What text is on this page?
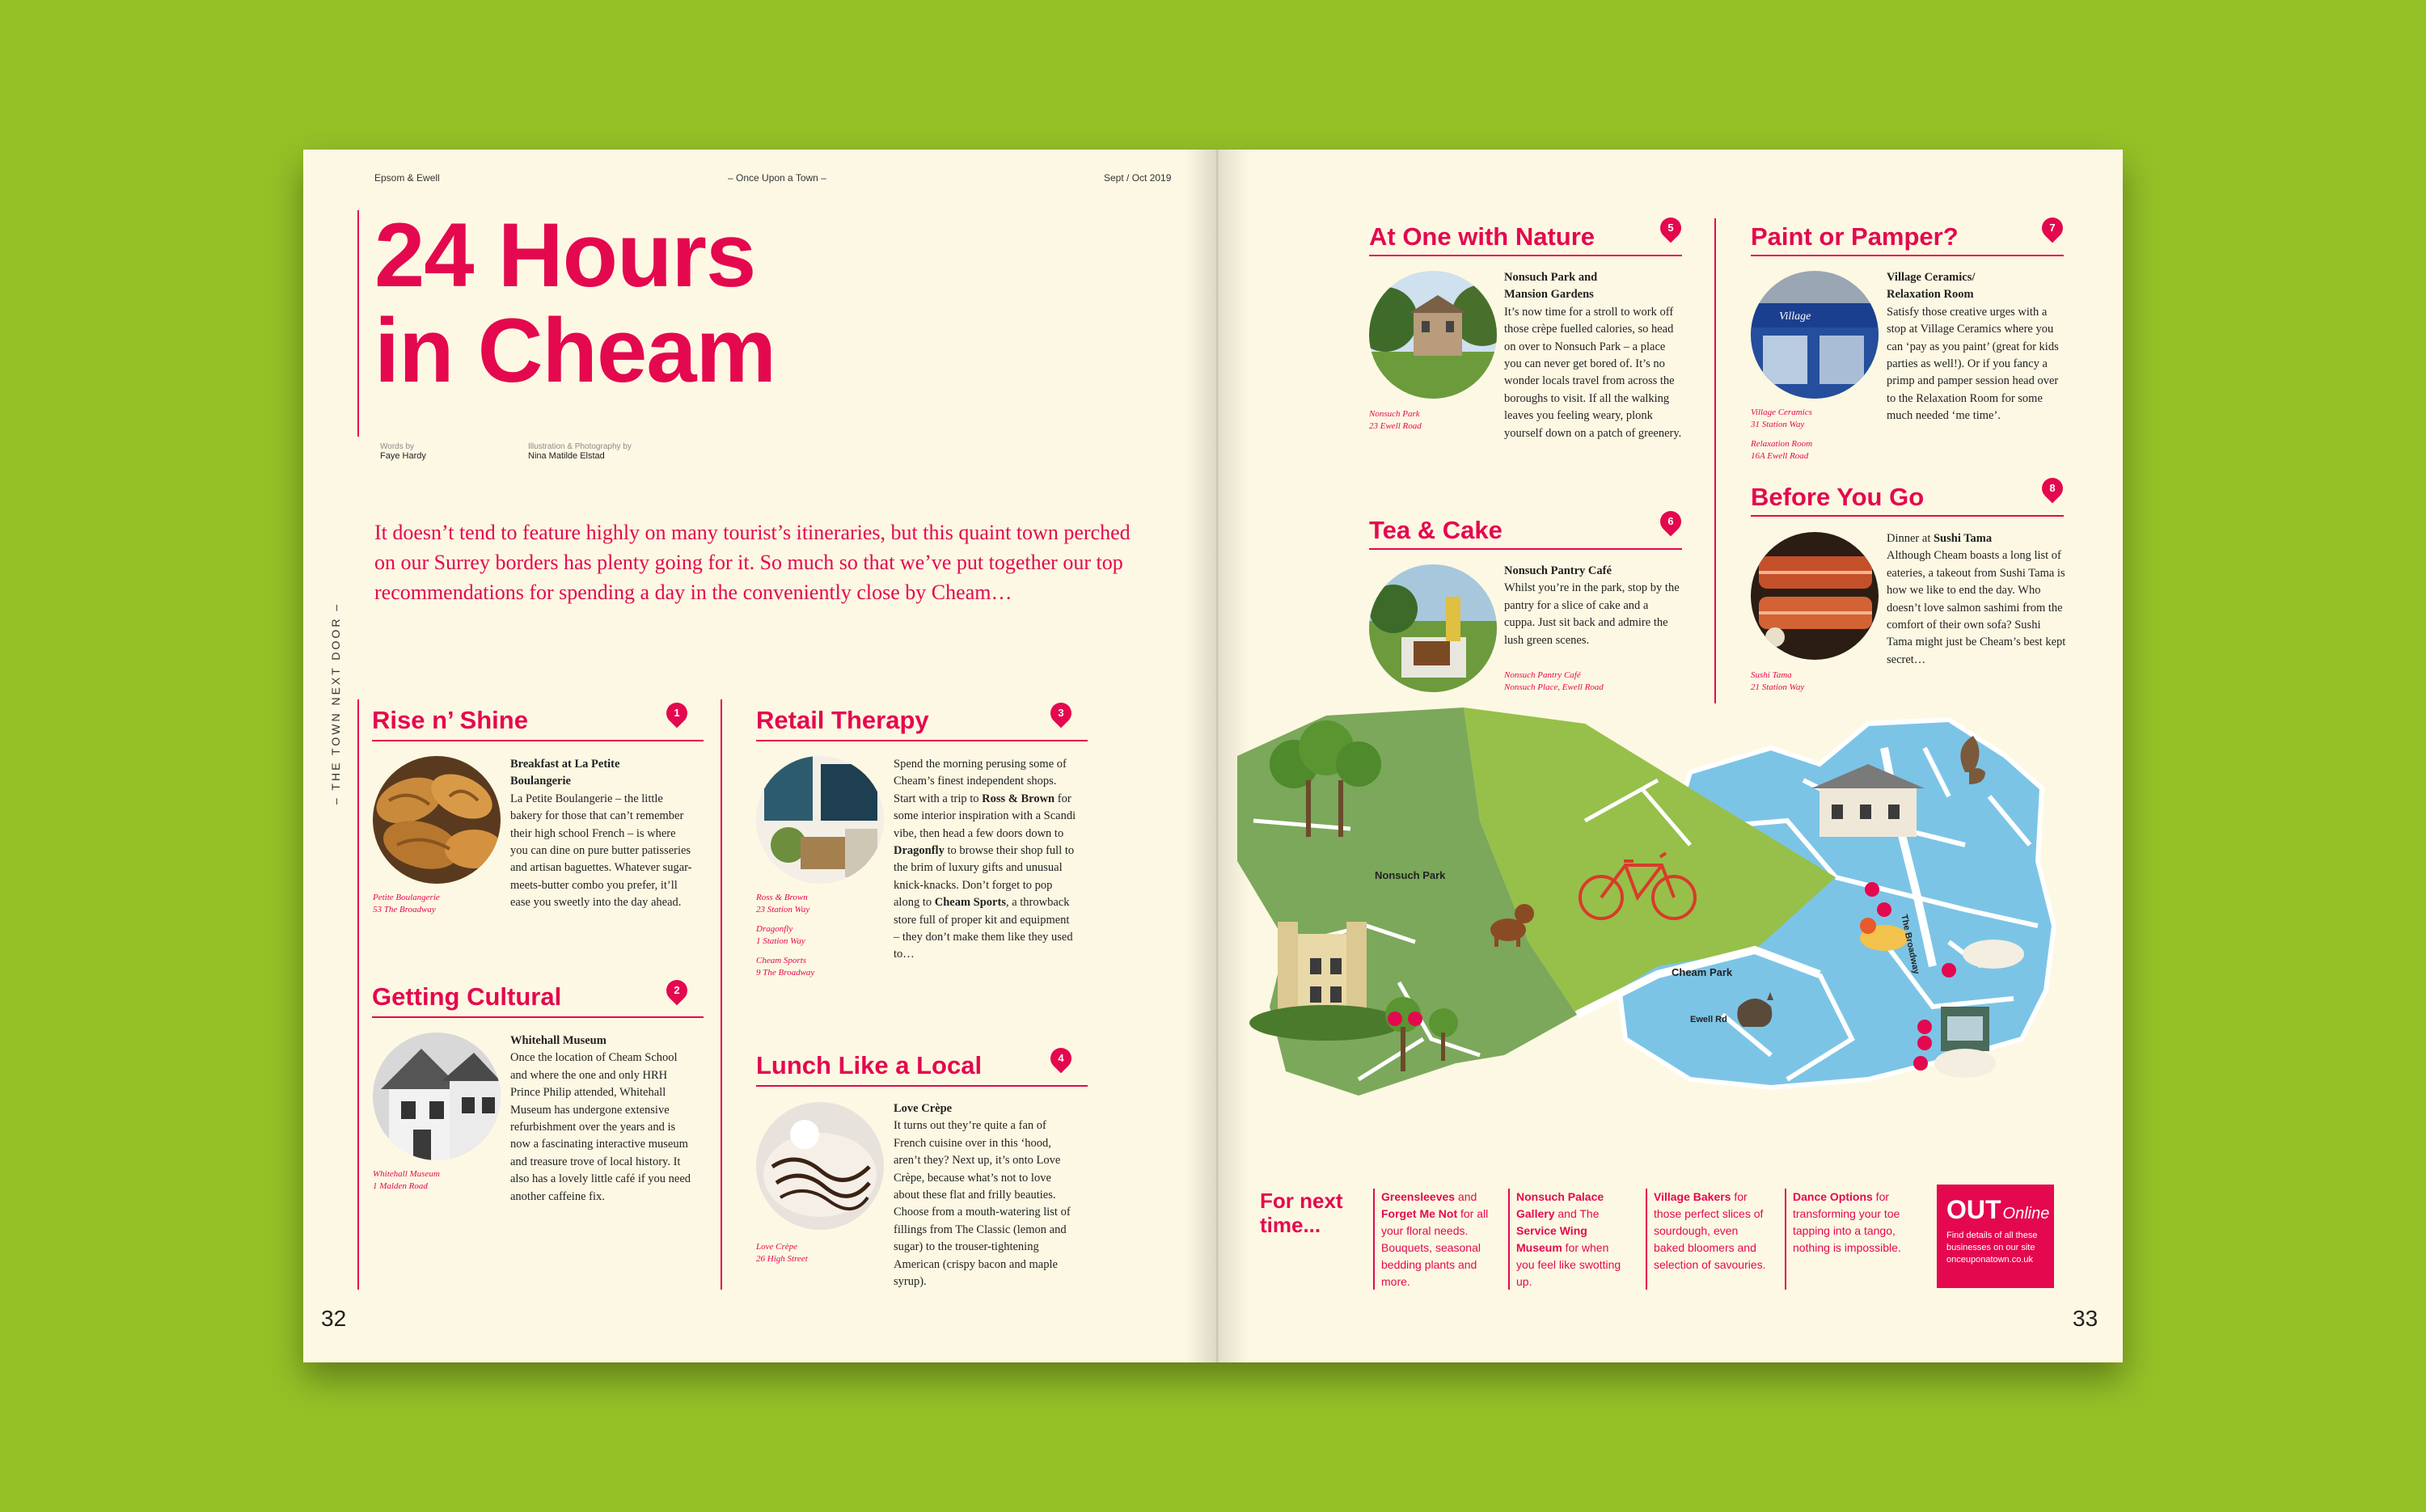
Epsom & Ewell	– Once Upon a Town –	Sept / Oct 2019
24 Hours
in Cheam
Words by
Faye Hardy
Illustration & Photography by
Nina Matilde Elstad
It doesn’t tend to feature highly on many tourist’s itineraries, but this quaint town perched on our Surrey borders has plenty going for it. So much so that we’ve put together our top recommendations for spending a day in the conveniently close by Cheam…
– THE TOWN NEXT DOOR – Rise n’ Shine	1
Breakfast at La Petite Boulangerie
La Petite Boulangerie – the little bakery for those that can’t remember their high school French – is where you can dine on pure butter patisseries and artisan baguettes. Whatever sugar-meets-butter combo you prefer, it’ll ease you sweetly into the day ahead.
Petite Boulangerie
53 The Broadway
Getting Cultural	2
Whitehall Museum
Once the location of Cheam School and where the one and only HRH Prince Philip attended, Whitehall Museum has undergone extensive refurbishment over the years and is now a fascinating interactive museum and treasure trove of local history. It also has a lovely little café if you need another caffeine fix.
Whitehall Museum
1 Malden Road
Retail Therapy	3
Spend the morning perusing some of Cheam’s finest independent shops. Start with a trip to Ross & Brown for some interior inspiration with a Scandi vibe, then head a few doors down to Dragonfly to browse their shop full to the brim of luxury gifts and unusual knick-knacks. Don’t forget to pop along to Cheam Sports, a throwback store full of proper kit and equipment – they don’t make them like they used to…
Ross & Brown
23 Station Way
Dragonfly
1 Station Way
Cheam Sports
9 The Broadway
Lunch Like a Local	4
Love Crèpe
It turns out they’re quite a fan of French cuisine over in this ‘hood, aren’t they? Next up, it’s onto Love Crèpe, because what’s not to love about these flat and frilly beauties. Choose from a mouth-watering list of fillings from The Classic (lemon and sugar) to the trouser-tightening American (crispy bacon and maple syrup).
Love Crèpe
26 High Street
32
At One with Nature	5
Nonsuch Park and Mansion Gardens
It’s now time for a stroll to work off those crèpe fuelled calories, so head on over to Nonsuch Park – a place you can never get bored of. It’s no wonder locals travel from across the boroughs to visit. If all the walking leaves you feeling weary, plonk yourself down on a patch of greenery.
Nonsuch Park
23 Ewell Road
Tea & Cake	6
Nonsuch Pantry Café
Whilst you’re in the park, stop by the pantry for a slice of cake and a cuppa. Just sit back and admire the lush green scenes.
Nonsuch Pantry Café
Nonsuch Place, Ewell Road
Paint or Pamper?	7
Village
Village Ceramics/ Relaxation Room
Satisfy those creative urges with a stop at Village Ceramics where you can ‘pay as you paint’ (great for kids parties as well!). Or if you fancy a primp and pamper session head over to the Relaxation Room for some much needed ‘me time’.
Village Ceramics
31 Station Way
Relaxation Room
16A Ewell Road
Before You Go	8
Dinner at Sushi Tama
Although Cheam boasts a long list of eateries, a takeout from Sushi Tama is how we like to end the day. Who doesn’t love salmon sashimi from the comfort of their own sofa? Sushi Tama might just be Cheam’s best kept secret…
Sushi Tama
21 Station Way
Nonsuch Park
Cheam Park
Ewell Rd
The Broadway
For next time...
Greensleeves and Forget Me Not for all your floral needs. Bouquets, seasonal bedding plants and more.
Nonsuch Palace Gallery and The Service Wing Museum for when you feel like swotting up.
Village Bakers for those perfect slices of sourdough, even baked bloomers and selection of savouries.
Dance Options for transforming your toe tapping into a tango, nothing is impossible.
OUT Online
Find details of all these businesses on our site
onceuponatown.co.uk
33
